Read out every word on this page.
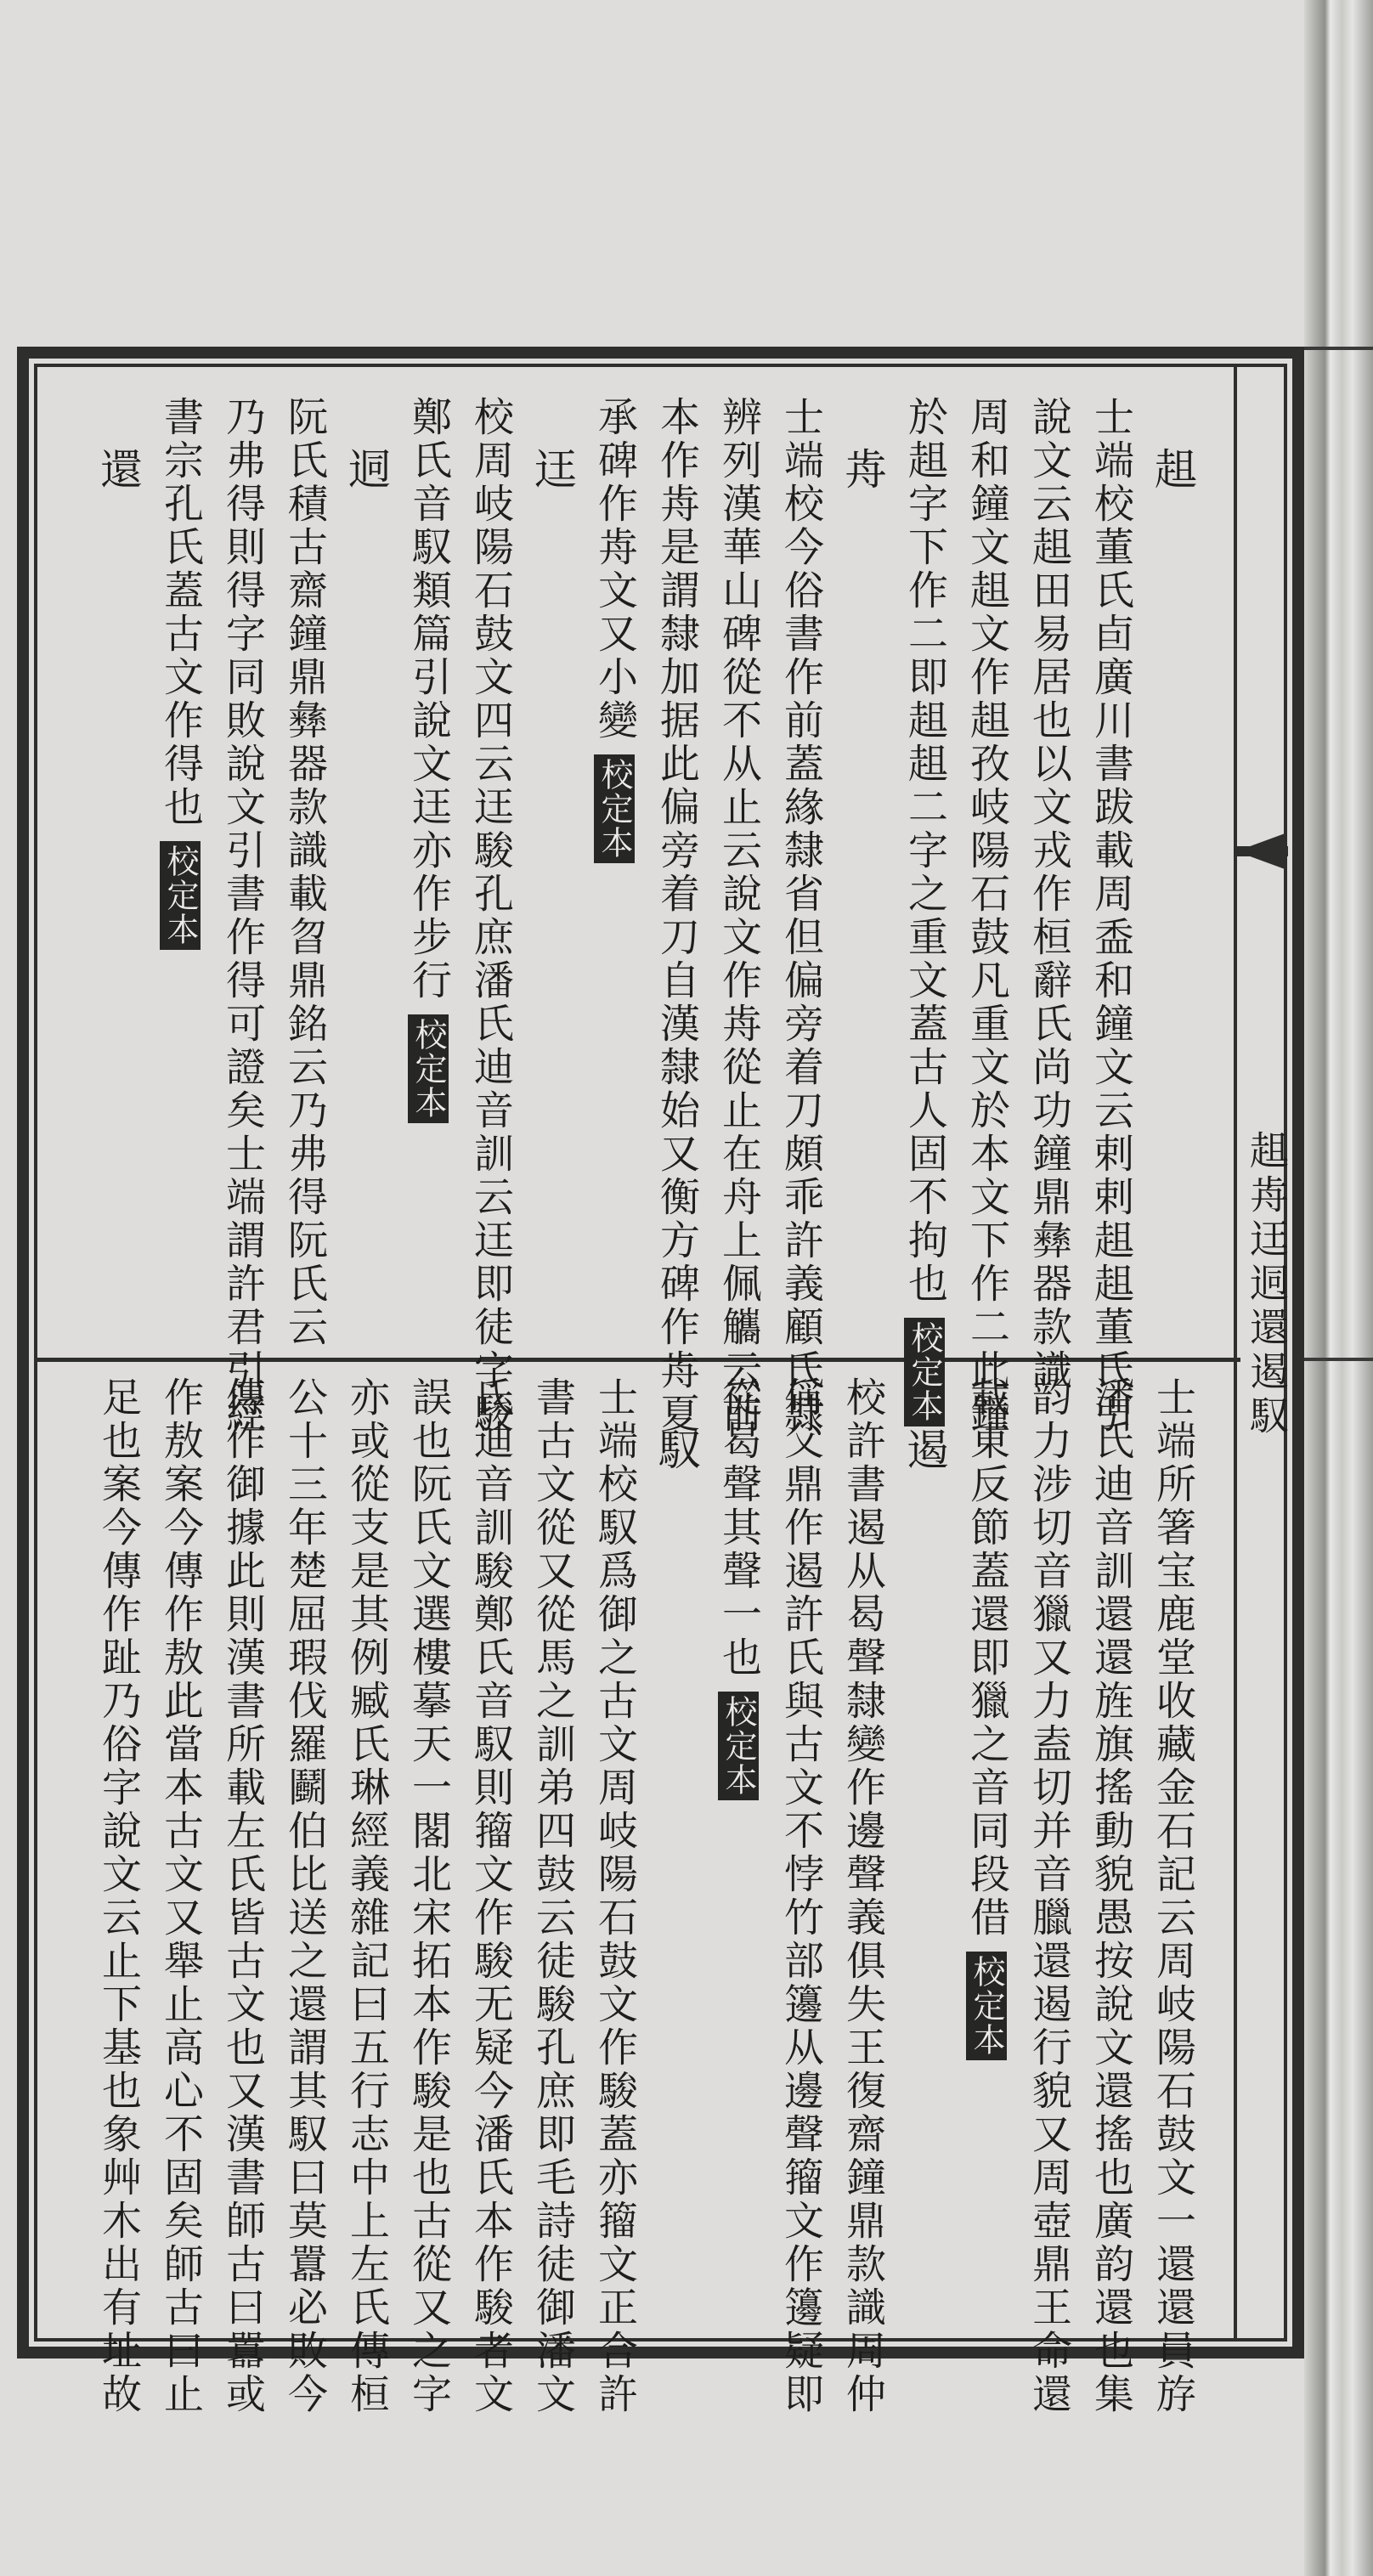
趄歬迋迵還遏馭
趄
士端校董氏卣廣川書跋載周盉和鐘文云剌剌趄趄董氏引
說文云趄田易居也以文戎作桓辭氏尚功鐘鼎彝器款識
周和鐘文趄文作趄孜岐陽石鼓凡重文於本文下作二此鐘
於趄字下作二即趄趄二字之重文蓋古人固不拘也校定本
歬
士端校今俗書作前蓋緣隸省但偏旁着刀頗乖許義顧氏隸
辨列漢華山碑從不从止云說文作歬從止在舟上佩觿云前
本作歬是謂隸加据此偏旁着刀自漢隸始又衡方碑作歬夏
承碑作歬文又小變校定本
迋
校周岐陽石鼓文四云迋駿孔庶潘氏迪音訓云迋即徒字駿
鄭氏音馭類篇引說文迋亦作步行校定本
迵
阮氏積古齋鐘鼎彝器款識載曶鼎銘云乃弗得阮氏云
乃弗得則得字同敗說文引書作得可證矣士端謂許君引經
書宗孔氏蓋古文作得也校定本
還
士端所箸宝鹿堂收藏金石記云周岐陽石鼓文一還還員斿
潘氏迪音訓還還旌旗搖動貌愚按說文還搖也廣韵還也集
韵力涉切音獵又力盍切并音臘還遏行貌又周壺鼎王命還
載東反節蓋還即獵之音同段借校定本
遏
校許書遏从曷聲隸變作邊聲義俱失王復齋鐘鼎款識周仲
偁父鼎作遏許氏與古文不悖竹部籩从邊聲籀文作籩疑即
從曷聲其聲一也校定本
馭
士端校馭爲御之古文周岐陽石鼓文作駿蓋亦籀文正合許
書古文從又從馬之訓弟四鼓云徒駿孔庶即毛詩徒御潘文
氏迪音訓駿鄭氏音馭則籀文作駿无疑今潘氏本作駿者文
誤也阮氏文選樓摹天一閣北宋拓本作駿是也古從又之字
亦或從支是其例臧氏琳經義雜記曰五行志中上左氏傳桓
公十三年楚屈瑕伐羅鬬伯比送之還謂其馭曰莫囂必敗今
傳作御據此則漢書所載左氏皆古文也又漢書師古曰囂或
作敖案今傳作敖此當本古文又舉止高心不固矣師古曰止
足也案今傳作趾乃俗字說文云止下基也象艸木出有址故
